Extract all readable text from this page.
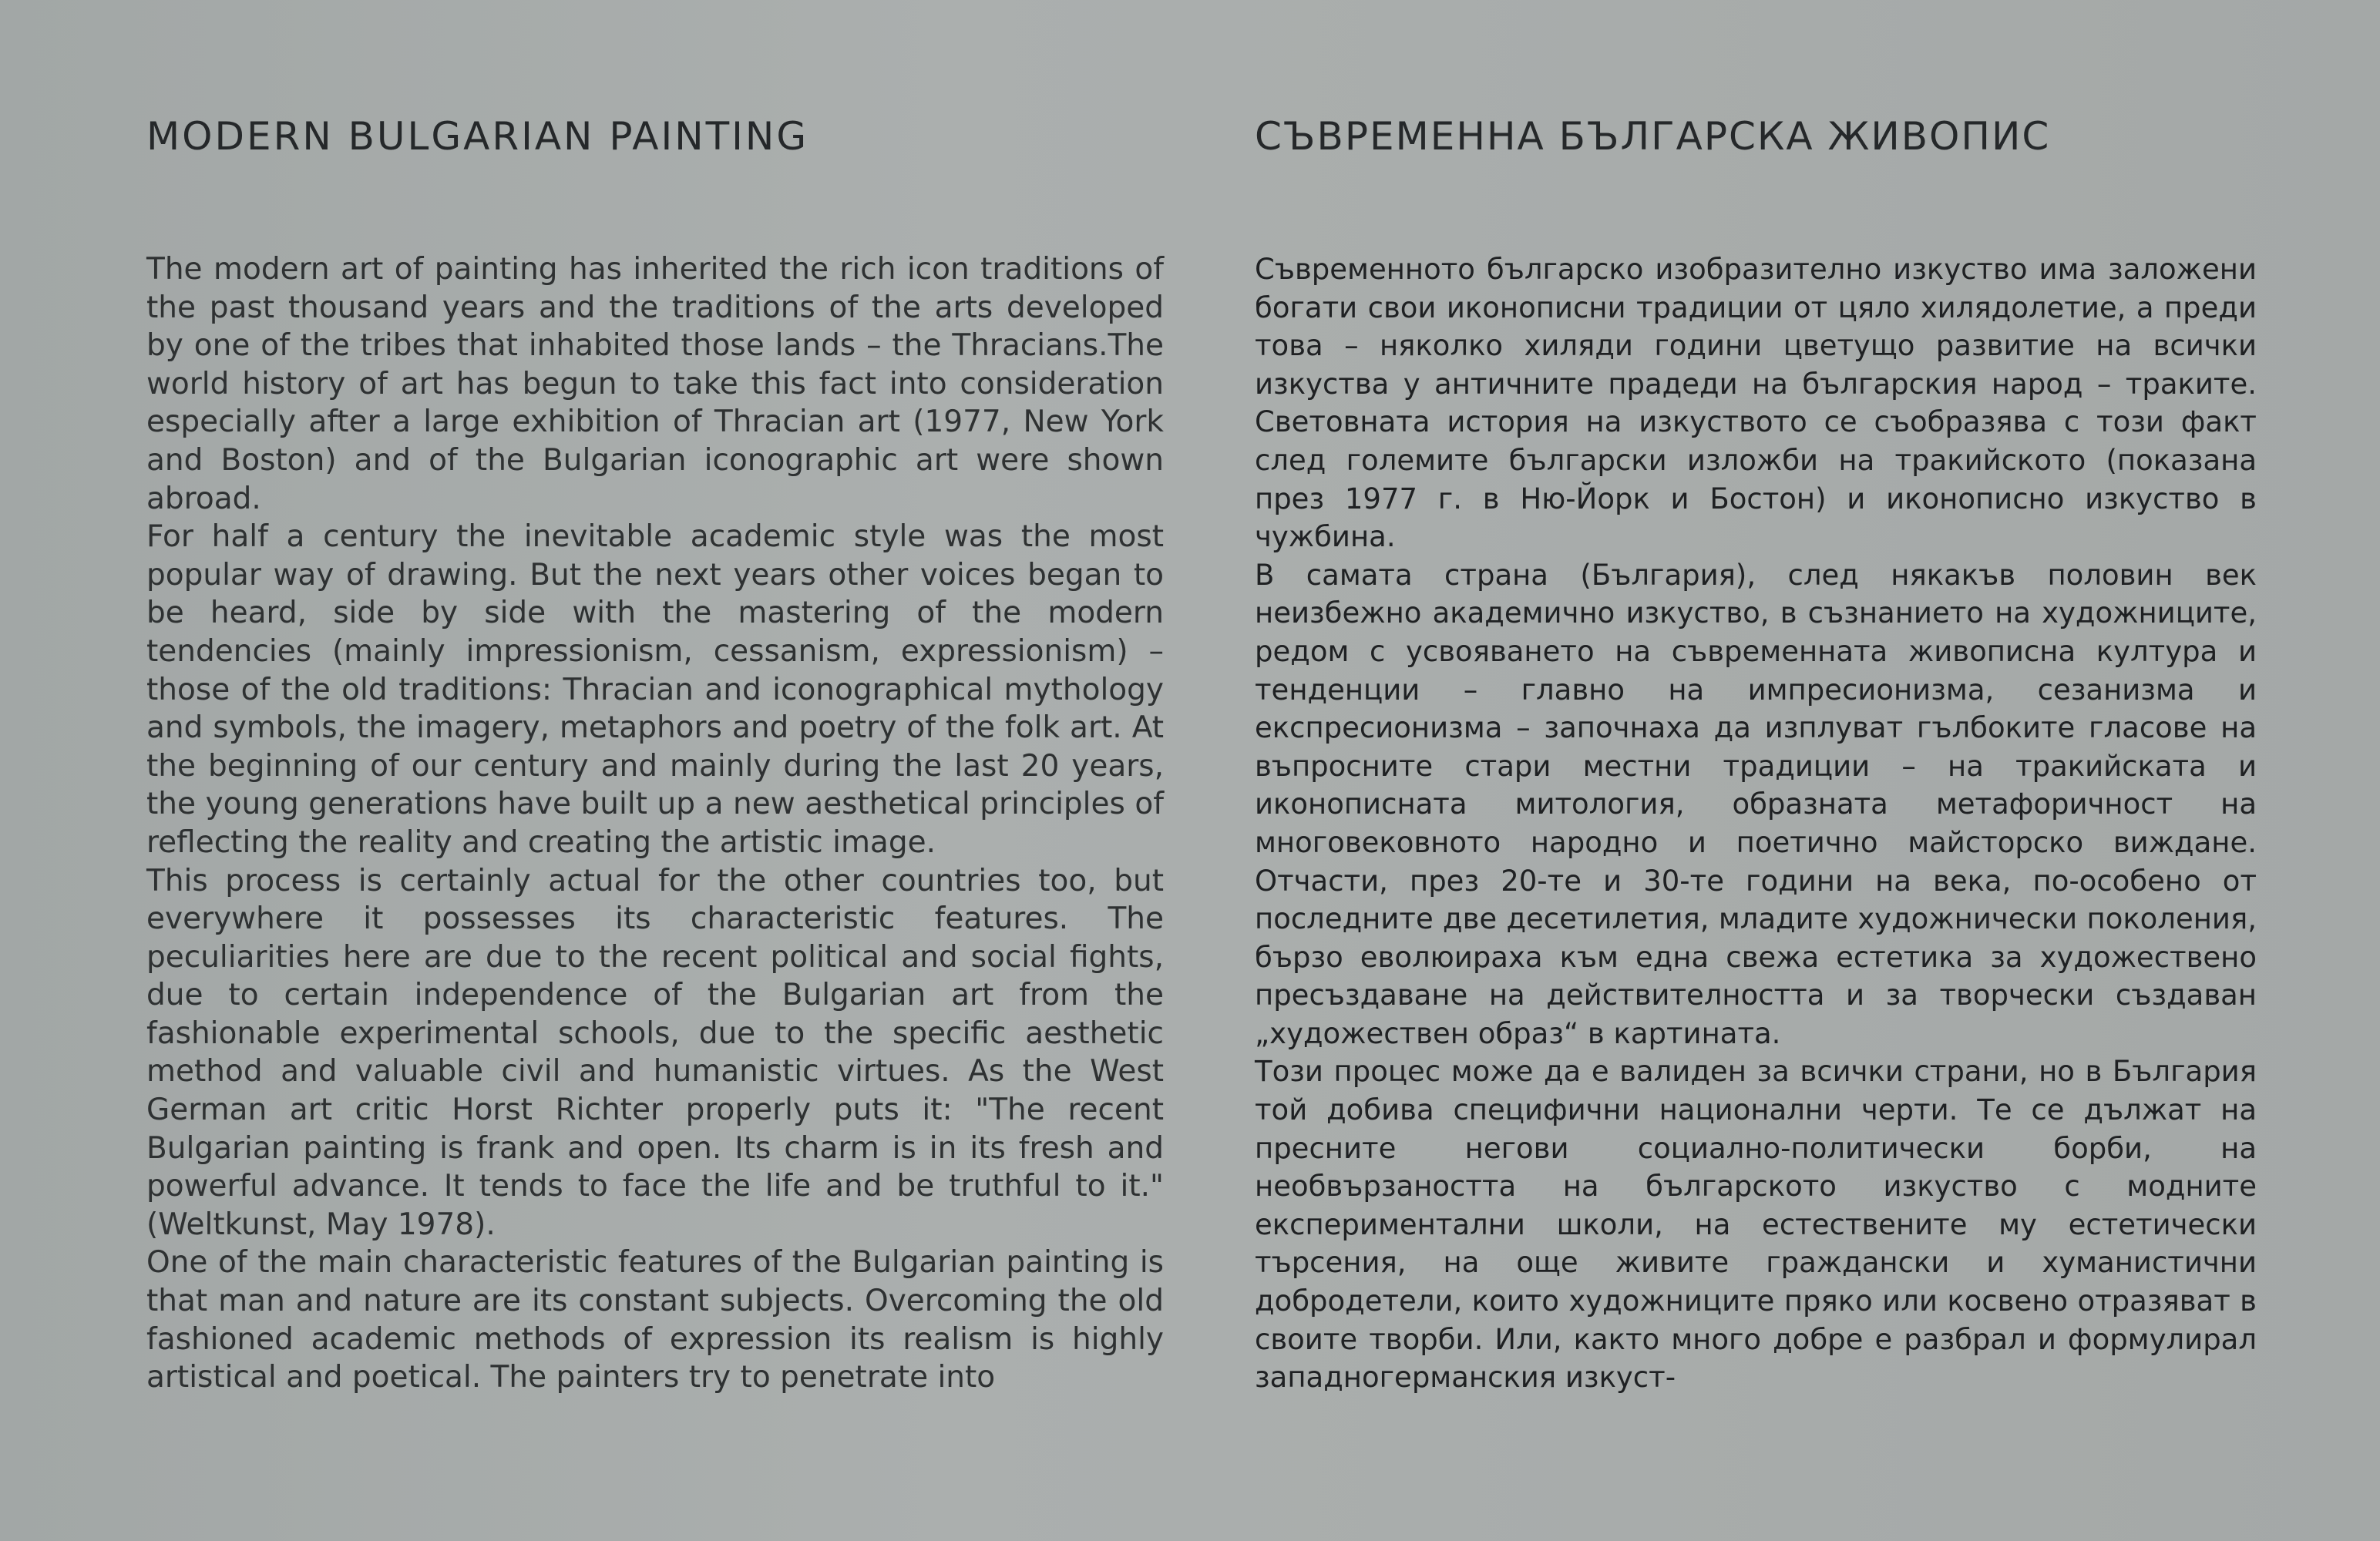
MODERN BULGARIAN PAINTING

The modern art of painting has inherited the rich icon traditions of the past thousand years and the traditions of the arts developed by one of the tribes that inhabited those lands – the Thracians.The world history of art has begun to take this fact into consideration especially after a large exhibition of Thracian art (1977, New York and Boston) and of the Bulgarian iconographic art were shown abroad.

For half a century the inevitable academic style was the most popular way of drawing. But the next years other voices began to be heard, side by side with the mastering of the modern tendencies (mainly impressionism, cessanism, expressionism) – those of the old traditions: Thracian and iconographical mythology and symbols, the imagery, metaphors and poetry of the folk art. At the beginning of our century and mainly during the last 20 years, the young generations have built up a new aesthetical principles of reflecting the reality and creating the artistic image.

This process is certainly actual for the other countries too, but everywhere it possesses its characteristic features. The peculiarities here are due to the recent political and social fights, due to certain independence of the Bulgarian art from the fashionable experimental schools, due to the specific aesthetic method and valuable civil and humanistic virtues. As the West German art critic Horst Richter properly puts it: "The recent Bulgarian painting is frank and open. Its charm is in its fresh and powerful advance. It tends to face the life and be truthful to it." (Weltkunst, May 1978).

One of the main characteristic features of the Bulgarian painting is that man and nature are its constant subjects. Overcoming the old fashioned academic methods of expression its realism is highly artistical and poetical. The painters try to penetrate into

СЪВРЕМЕННА БЪЛГАРСКА ЖИВОПИС

Съвременното българско изобразително изкуство има заложени богати свои иконописни традиции от цяло хилядолетие, а преди това – няколко хиляди години цветущо развитие на всички изкуства у античните прадеди на българския народ – траките. Световната история на изкуството се съобразява с този факт след големите български изложби на тракийското (показана през 1977 г. в Ню-Йорк и Бостон) и иконописно изкуство в чужбина.

В самата страна (България), след някакъв половин век неизбежно академично изкуство, в съзнанието на художниците, редом с усвояването на съвременната живописна култура и тенденции – главно на импресионизма, сезанизма и експресионизма – започнаха да изплуват гълбоките гласове на въпросните стари местни традиции – на тракийската и иконописната митология, образната метафоричност на многовековното народно и поетично майсторско виждане. Отчасти, през 20-те и 30-те години на века, по-особено от последните две десетилетия, младите художнически поколения, бързо еволюираха към една свежа естетика за художествено пресъздаване на действителността и за творчески създаван „художествен образ“ в картината.

Този процес може да е валиден за всички страни, но в България той добива специфични национални черти. Те се дължат на пресните негови социално-политически борби, на необвързаността на българското изкуство с модните експериментални школи, на естествените му естетически търсения, на още живите граждански и хуманистични добродетели, които художниците пряко или косвено отразяват в своите творби. Или, както много добре е разбрал и формулирал западногерманския изкуст-
